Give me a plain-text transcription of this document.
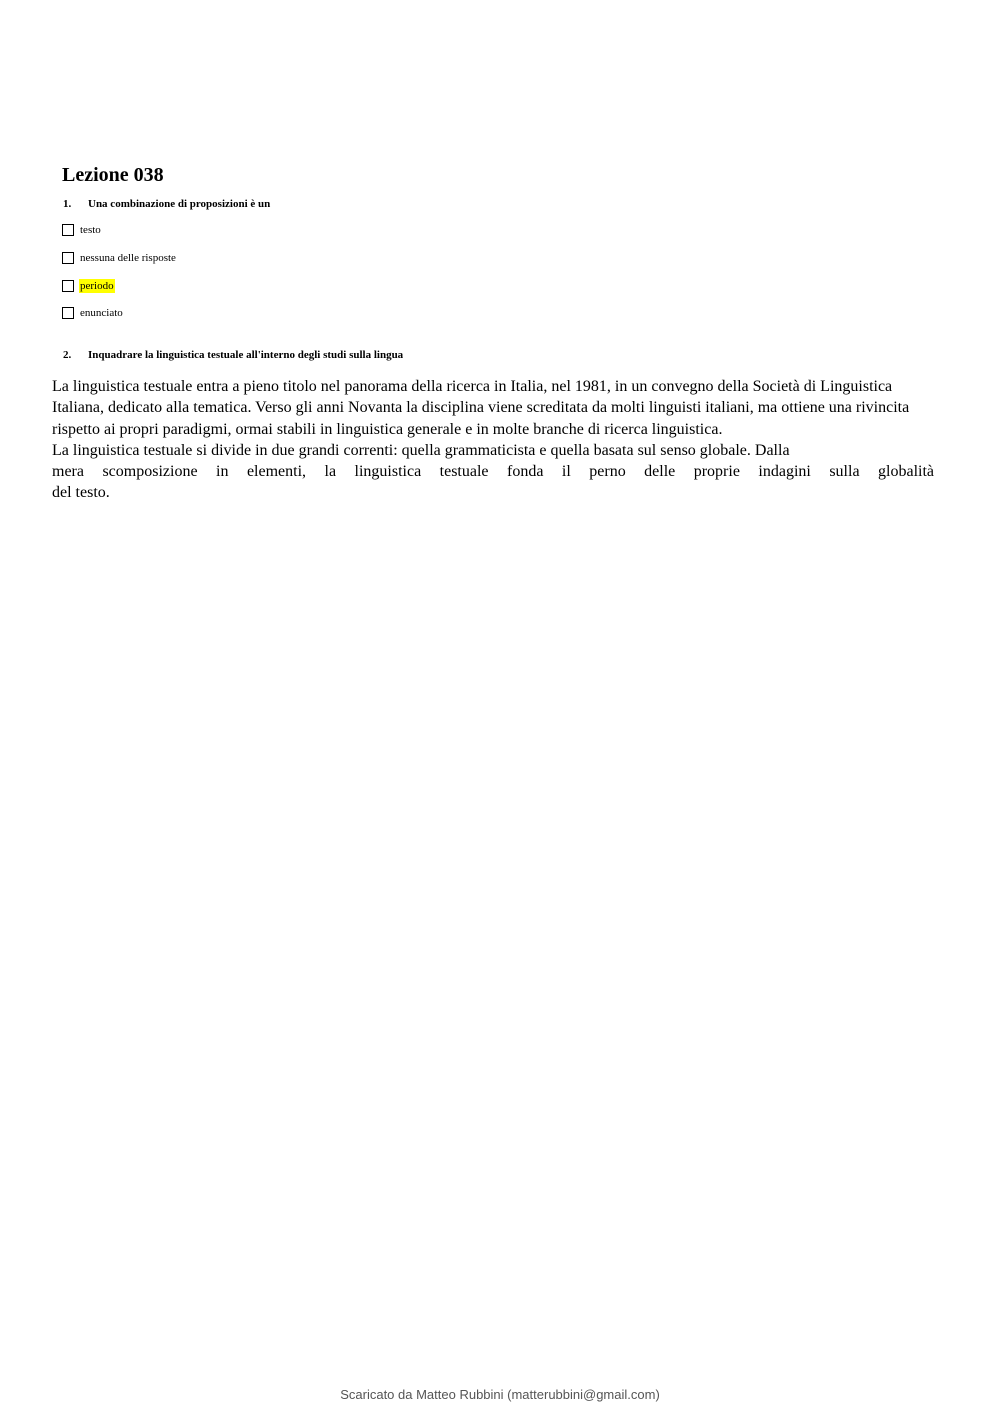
Lezione 038
1. Una combinazione di proposizioni è un
testo
nessuna delle risposte
periodo
enunciato
2. Inquadrare la linguistica testuale all'interno degli studi sulla lingua

La linguistica testuale entra a pieno titolo nel panorama della ricerca in Italia, nel 1981, in un convegno della Società di Linguistica Italiana, dedicato alla tematica. Verso gli anni Novanta la disciplina viene screditata da molti linguisti italiani, ma ottiene una rivincita rispetto ai propri paradigmi, ormai stabili in linguistica generale e in molte branche di ricerca linguistica.

La linguistica testuale si divide in due grandi correnti: quella grammaticista e quella basata sul senso globale. Dalla

mera scomposizione in elementi, la linguistica testuale fonda il perno delle proprie indagini sulla globalità

del testo.

Scaricato da Matteo Rubbini (matterubbini@gmail.com)
